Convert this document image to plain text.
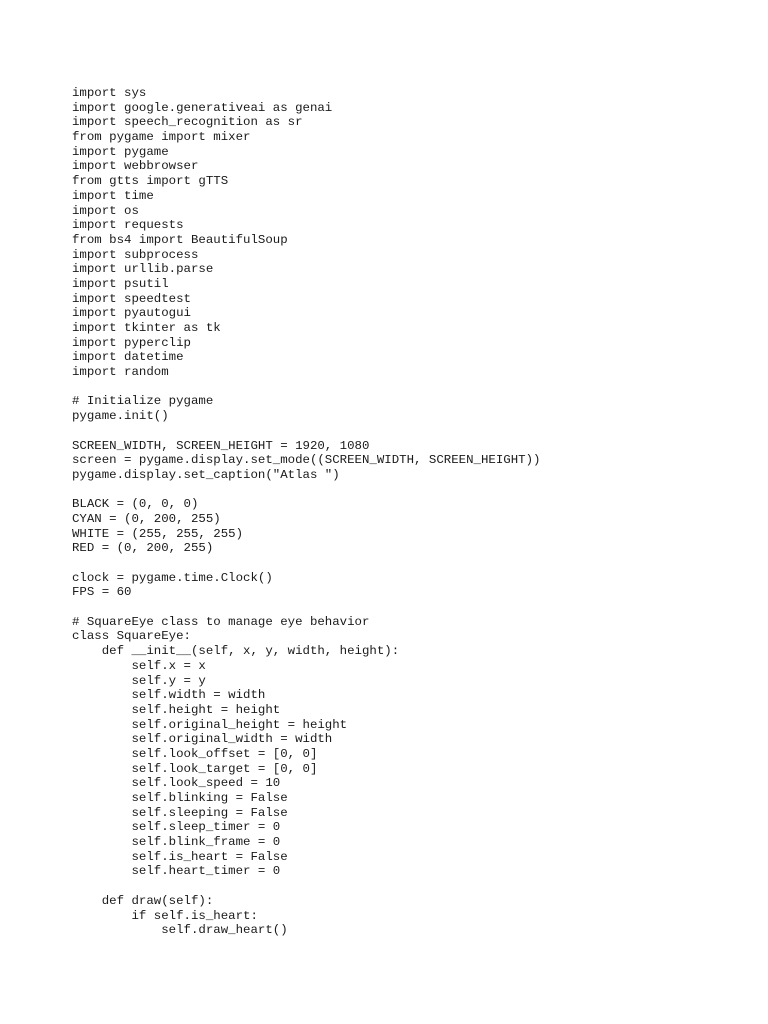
import sys
import google.generativeai as genai
import speech_recognition as sr
from pygame import mixer
import pygame
import webbrowser
from gtts import gTTS
import time
import os
import requests
from bs4 import BeautifulSoup
import subprocess
import urllib.parse
import psutil
import speedtest
import pyautogui
import tkinter as tk
import pyperclip
import datetime
import random
# Initialize pygame
pygame.init()
SCREEN_WIDTH, SCREEN_HEIGHT = 1920, 1080
screen = pygame.display.set_mode((SCREEN_WIDTH, SCREEN_HEIGHT))
pygame.display.set_caption("Atlas ")
BLACK = (0, 0, 0)
CYAN = (0, 200, 255)
WHITE = (255, 255, 255)
RED = (0, 200, 255)
clock = pygame.time.Clock()
FPS = 60
# SquareEye class to manage eye behavior
class SquareEye:
def __init__(self, x, y, width, height):
self.x = x
self.y = y
self.width = width
self.height = height
self.original_height = height
self.original_width = width
self.look_offset = [0, 0]
self.look_target = [0, 0]
self.look_speed = 10
self.blinking = False
self.sleeping = False
self.sleep_timer = 0
self.blink_frame = 0
self.is_heart = False
self.heart_timer = 0
def draw(self):
if self.is_heart:
self.draw_heart()
